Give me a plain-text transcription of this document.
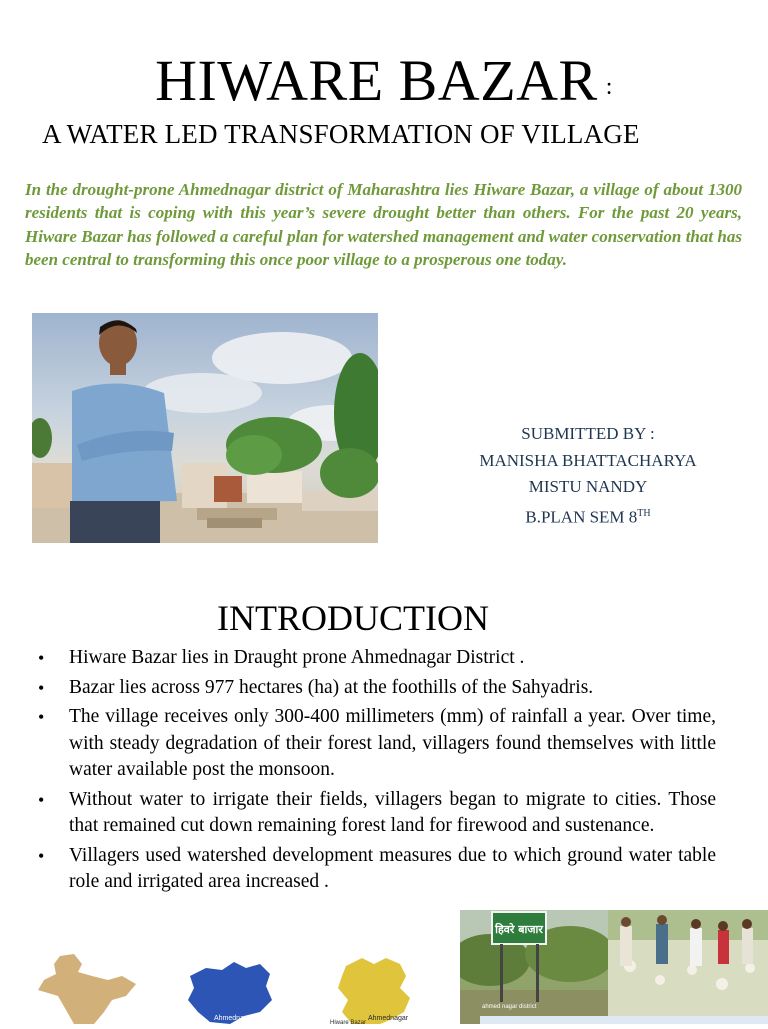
HIWARE BAZAR :
A WATER LED TRANSFORMATION OF VILLAGE
In the drought-prone Ahmednagar district of Maharashtra lies Hiware Bazar, a village of about 1300 residents that is coping with this year’s severe drought better than others. For the past 20 years, Hiware Bazar has followed a careful plan for watershed management and water conservation that has been central to transforming this once poor village to a prosperous one today.
SUBMITTED BY :
MANISHA BHATTACHARYA
MISTU NANDY
B.PLAN SEM 8TH
INTRODUCTION
• Hiware Bazar lies in Draught prone Ahmednagar District .
• Bazar lies across 977 hectares (ha) at the foothills of the Sahyadris.
• The village receives only 300-400 millimeters (mm) of rainfall a year. Over time, with steady degradation of their forest land, villagers found themselves with little water available post the monsoon.
• Without water to irrigate their fields, villagers began to migrate to cities. Those that remained cut down remaining forest land for firewood and sustenance.
• Villagers used watershed development measures due to which ground water table role and irrigated area increased .
Ahmednagar	Ahmednagar
Hiware Bazar
हिवरे बाजार
ahmed nagar district
